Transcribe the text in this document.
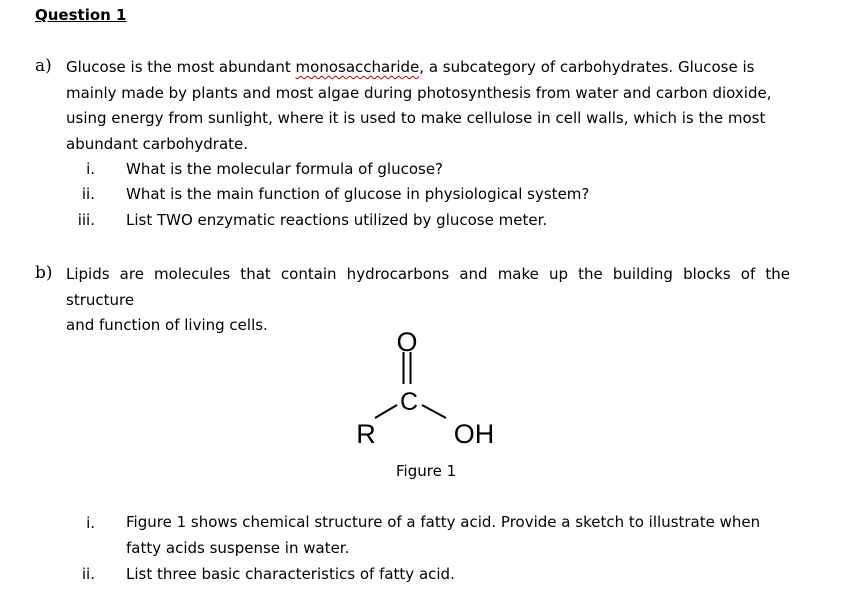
Question 1
a) Glucose is the most abundant monosaccharide, a subcategory of carbohydrates. Glucose is
mainly made by plants and most algae during photosynthesis from water and carbon dioxide,
using energy from sunlight, where it is used to make cellulose in cell walls, which is the most
abundant carbohydrate.
i. What is the molecular formula of glucose?
ii. What is the main function of glucose in physiological system?
iii. List TWO enzymatic reactions utilized by glucose meter.
b) Lipids are molecules that contain hydrocarbons and make up the building blocks of the structure
and function of living cells.
O
C
R	OH
Figure 1
i. Figure 1 shows chemical structure of a fatty acid. Provide a sketch to illustrate when
fatty acids suspense in water.
ii. List three basic characteristics of fatty acid.
